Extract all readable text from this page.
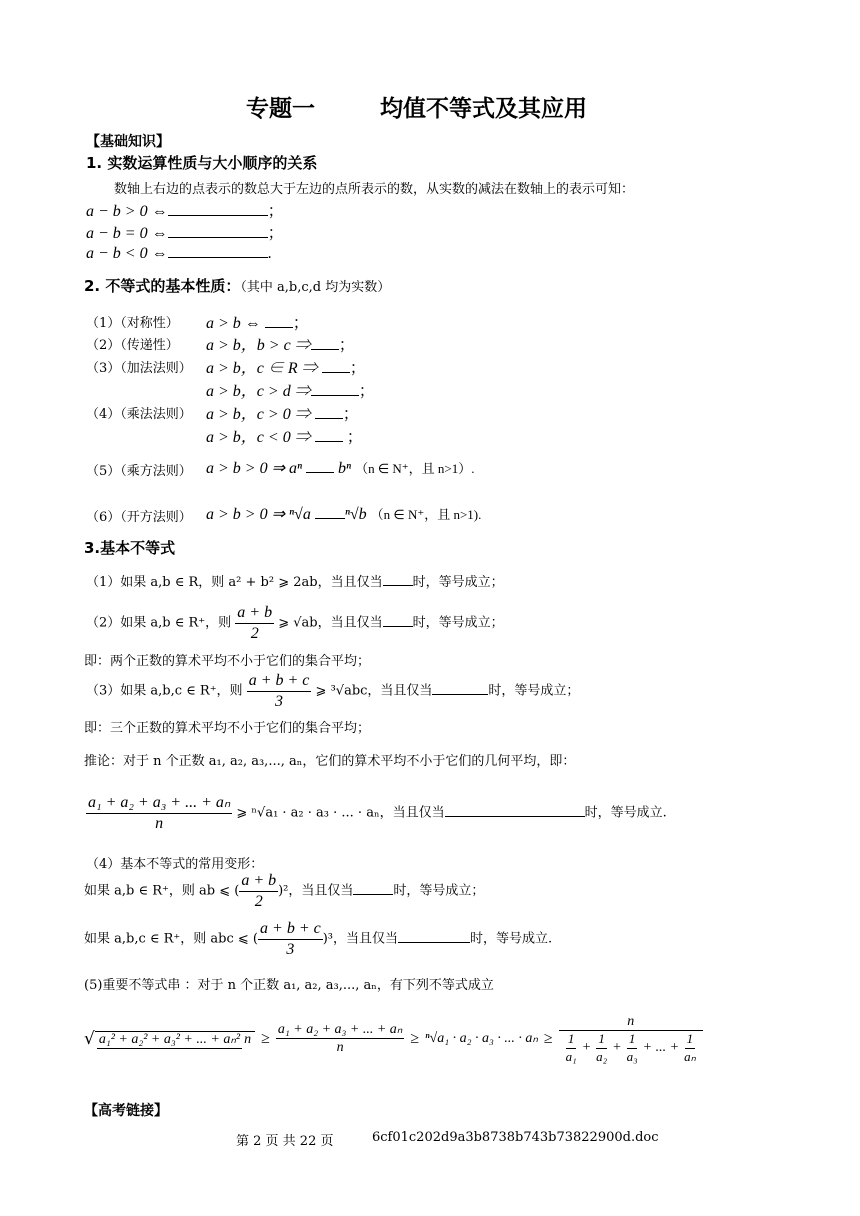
专题一	均值不等式及其应用
【基础知识】
1. 实数运算性质与大小顺序的关系
数轴上右边的点表示的数总大于左边的点所表示的数，从实数的减法在数轴上的表示可知：
a − b > 0 ⇔	；
a − b = 0 ⇔	；
a − b < 0 ⇔	.
2. 不等式的基本性质：（其中 a,b,c,d 均为实数）
（1）（对称性） a > b ⇔ ；
（2）（传递性） a > b，b > c ⇒ ；
（3）（加法法则） a > b，c ∈ R ⇒ ；
a > b，c > d ⇒	；
（4）（乘法法则） a > b，c > 0 ⇒ ；
a > b，c < 0 ⇒  ；
（5）（乘方法则） a > b > 0 ⇒ aⁿ bⁿ （n ∈ N⁺，且 n>1）.
（6）（开方法则） a > b > 0 ⇒ ⁿ√a ⁿ√b （n ∈ N⁺，且 n>1).
3.基本不等式
（1）如果 a,b ∈ R，则 a² + b² ⩾ 2ab，当且仅当 时，等号成立；
（2）如果 a,b ∈ R⁺，则 $\frac{a + b}{2}$ ⩾ √ab，当且仅当 时，等号成立；
即：两个正数的算术平均不小于它们的集合平均；
（3）如果 a,b,c ∈ R⁺，则 $\frac{a + b + c}{3}$ ⩾ ³√abc，当且仅当	时，等号成立；
即：三个正数的算术平均不小于它们的集合平均；
推论：对于 n 个正数 a₁, a₂, a₃,..., aₙ，它们的算术平均不小于它们的几何平均，即：
$\frac{\text{a₁ + a₂ + a₃ + ... + aₙ}}{n}$ ⩾ ⁿ√a₁ · a₂ · a₃ · ... · aₙ，当且仅当	时，等号成立.
（4）基本不等式的常用变形：
如果 a,b ∈ R⁺，则 ab ⩽ ( $\frac{a + b}{2} )^2$，当且仅当	时，等号成立；
如果 a,b,c ∈ R⁺，则 abc ⩽ ( $\frac{a + b + c}{3} )^3$，当且仅当	时，等号成立.
(5)重要不等式串 ：对于 n 个正数 a₁, a₂, a₃,..., aₙ，有下列不等式成立
√ a₁² + a₂² + a₃² + ... + aₙ² $n \ge \frac{\text{a₁ + a₂ + a₃ + ... + aₙ}}{n} \ge ^n√a_1 \cdot a_2 \cdot a_3$ · ... · aₙ ≥
n
$\frac{1}{\text{a₁}} + \frac{1}{\text{a₂}} + \frac{1}{\text{a₃}}$ + ... + $\frac{1}{\text{aₙ}}$
【高考链接】
第 2 页 共 22 页	6cf01c202d9a3b8738b743b73822900d.doc
